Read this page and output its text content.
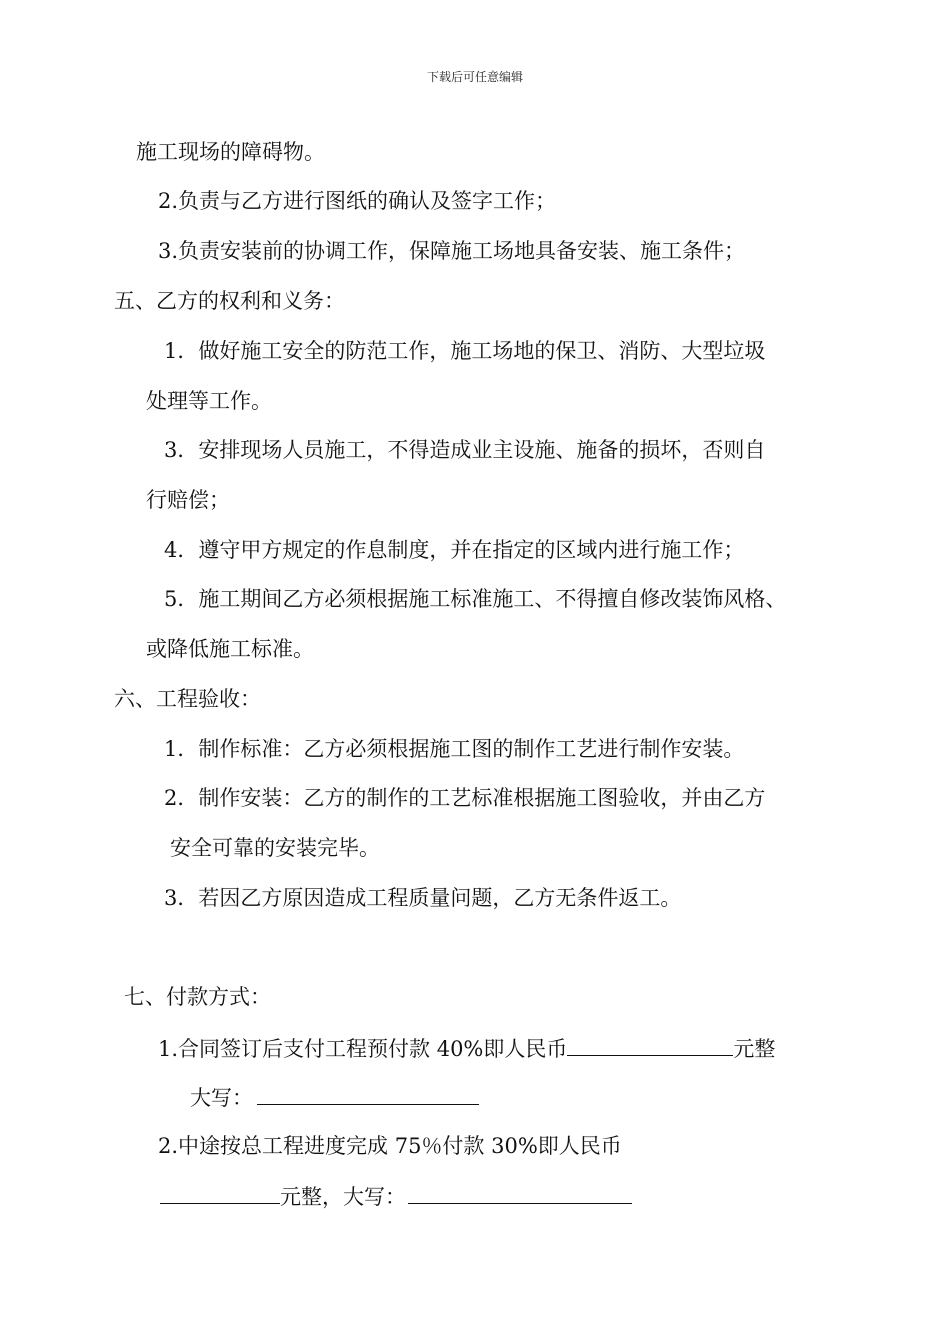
下载后可任意编辑
施工现场的障碍物。
2.负责与乙方进行图纸的确认及签字工作；
3.负责安装前的协调工作，保障施工场地具备安装、施工条件；
五、乙方的权利和义务：
1．做好施工安全的防范工作，施工场地的保卫、消防、大型垃圾
处理等工作。
3．安排现场人员施工，不得造成业主设施、施备的损坏，否则自
行赔偿；
4．遵守甲方规定的作息制度，并在指定的区域内进行施工作；
5．施工期间乙方必须根据施工标准施工、不得擅自修改装饰风格、
或降低施工标准。
六、工程验收：
1．制作标准：乙方必须根据施工图的制作工艺进行制作安装。
2．制作安装：乙方的制作的工艺标准根据施工图验收，并由乙方
安全可靠的安装完毕。
3．若因乙方原因造成工程质量问题，乙方无条件返工。
七、付款方式：
1.合同签订后支付工程预付款 40%即人民币	元整
大写：
2.中途按总工程进度完成 75％付款 30%即人民币
元整，大写：
